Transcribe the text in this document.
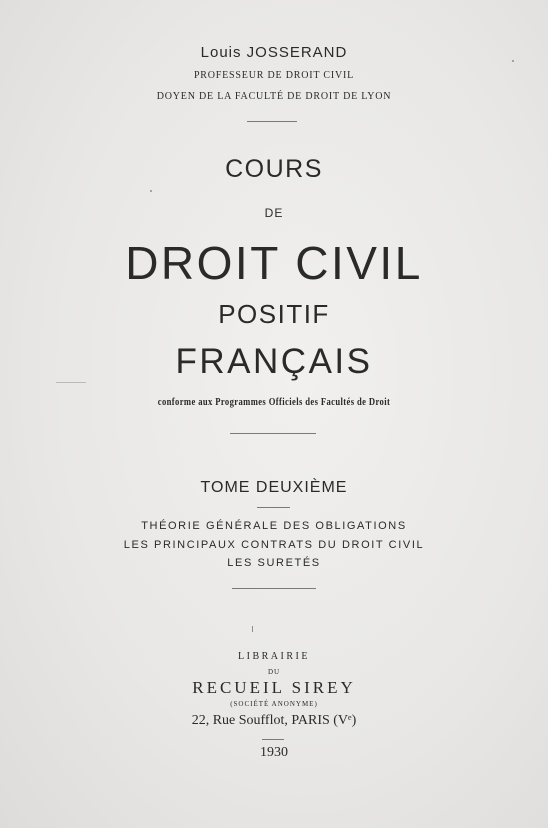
Louis JOSSERAND
PROFESSEUR DE DROIT CIVIL
DOYEN DE LA FACULTÉ DE DROIT DE LYON
COURS
DE
DROIT CIVIL
POSITIF
FRANÇAIS
conforme aux Programmes Officiels des Facultés de Droit
TOME DEUXIÈME
THÉORIE GÉNÉRALE DES OBLIGATIONS
LES PRINCIPAUX CONTRATS DU DROIT CIVIL
LES SURETÉS
LIBRAIRIE
DU
RECUEIL SIREY
(SOCIÉTÉ ANONYME)
22, Rue Soufflot, PARIS (Vᵉ)
1930
